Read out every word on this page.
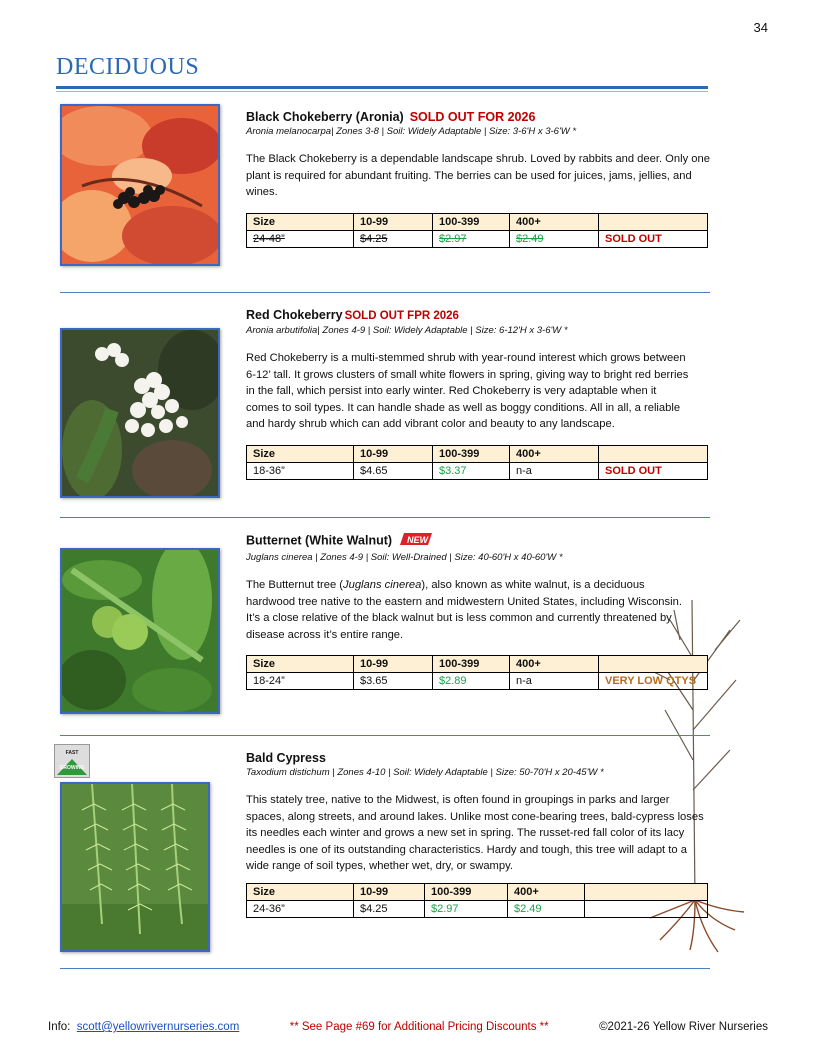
34
DECIDUOUS
Black Chokeberry (Aronia) SOLD OUT FOR 2026
Aronia melanocarpa| Zones 3-8 | Soil: Widely Adaptable | Size: 3-6'H x 3-6'W *
The Black Chokeberry is a dependable landscape shrub. Loved by rabbits and deer. Only one plant is required for abundant fruiting. The berries can be used for juices, jams, jellies, and wines.
Size	10-99	100-399	400+	
24-48”	$4.25	$2.97	$2.49	SOLD OUT
Red Chokeberry SOLD OUT FPR 2026
Aronia arbutifolia| Zones 4-9 | Soil: Widely Adaptable | Size: 6-12'H x 3-6'W *
Red Chokeberry is a multi-stemmed shrub with year-round interest which grows between 6-12’ tall. It grows clusters of small white flowers in spring, giving way to bright red berries in the fall, which persist into early winter. Red Chokeberry is very adaptable when it comes to soil types. It can handle shade as well as boggy conditions. All in all, a reliable and hardy shrub which can add vibrant color and beauty to any landscape.
Size	10-99	100-399	400+	
18-36”	$4.65	$3.37	n-a	SOLD OUT
Butternet (White Walnut) NEW
Juglans cinerea | Zones 4-9 | Soil: Well-Drained | Size: 40-60'H x 40-60'W *
The Butternut tree (Juglans cinerea), also known as white walnut, is a deciduous hardwood tree native to the eastern and midwestern United States, including Wisconsin. It’s a close relative of the black walnut but is less common and currently threatened by disease across it’s entire range.
Size	10-99	100-399	400+	
18-24”	$3.65	$2.89	n-a	VERY LOW QTYS
FAST
GROWING
Bald Cypress
Taxodium distichum | Zones 4-10 | Soil: Widely Adaptable | Size: 50-70'H x 20-45'W *
This stately tree, native to the Midwest, is often found in groupings in parks and larger spaces, along streets, and around lakes. Unlike most cone-bearing trees, bald-cypress loses its needles each winter and grows a new set in spring. The russet-red fall color of its lacy needles is one of its outstanding characteristics. Hardy and tough, this tree will adapt to a wide range of soil types, whether wet, dry, or swampy.
Size	10-99	100-399	400+	
24-36”	$4.25	$2.97	$2.49	
Info: scott@yellowrivernurseries.com	** See Page #69 for Additional Pricing Discounts **	©2021-26 Yellow River Nurseries
